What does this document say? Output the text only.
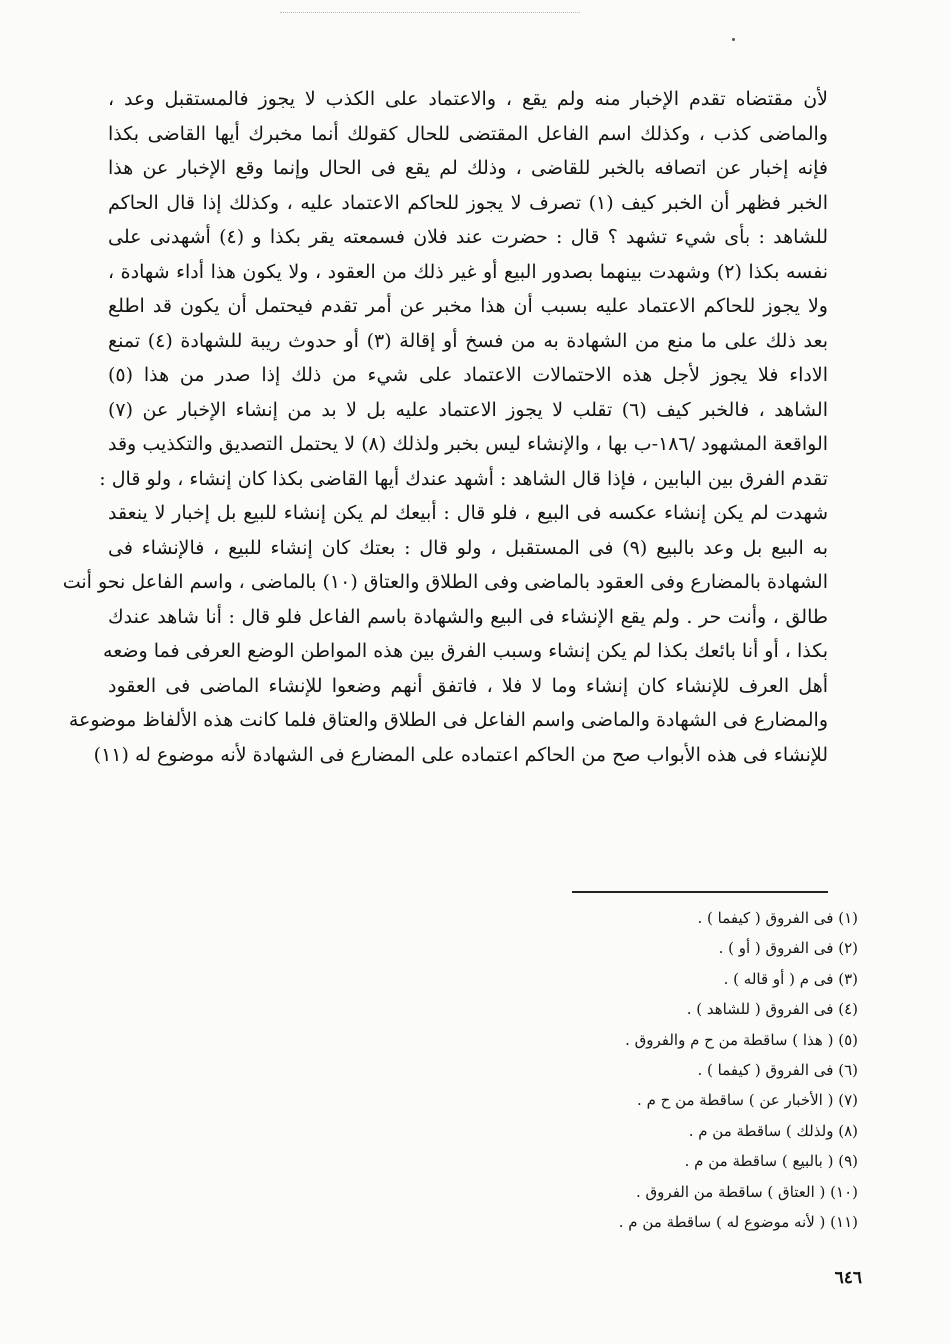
لأن مقتضاه تقدم الإخبار منه ولم يقع ، والاعتماد على الكذب لا يجوز فالمستقبل وعد ،
والماضى كذب ، وكذلك اسم الفاعل المقتضى للحال كقولك أنما مخبرك أيها القاضى بكذا
فإنه إخبار عن اتصافه بالخبر للقاضى ، وذلك لم يقع فى الحال وإنما وقع الإخبار عن هذا
الخبر فظهر أن الخبر كيف (١) تصرف لا يجوز للحاكم الاعتماد عليه ، وكذلك إذا قال الحاكم
للشاهد : بأى شيء تشهد ؟ قال : حضرت عند فلان فسمعته يقر بكذا و (٤) أشهدنى على
نفسه بكذا (٢) وشهدت بينهما بصدور البيع أو غير ذلك من العقود ، ولا يكون هذا أداء شهادة ،
ولا يجوز للحاكم الاعتماد عليه بسبب أن هذا مخبر عن أمر تقدم فيحتمل أن يكون قد اطلع
بعد ذلك على ما منع من الشهادة به من فسخ أو إقالة (٣) أو حدوث ريبة للشهادة (٤) تمنع
الاداء فلا يجوز لأجل هذه الاحتمالات الاعتماد على شيء من ذلك إذا صدر من هذا (٥)
الشاهد ، فالخبر كيف (٦) تقلب لا يجوز الاعتماد عليه بل لا بد من إنشاء الإخبار عن (٧)
الواقعة المشهود /١٨٦-ب بها ، والإنشاء ليس بخبر ولذلك (٨) لا يحتمل التصديق والتكذيب وقد
تقدم الفرق بين البابين ، فإذا قال الشاهد : أشهد عندك أيها القاضى بكذا كان إنشاء ، ولو قال :
شهدت لم يكن إنشاء عكسه فى البيع ، فلو قال : أبيعك لم يكن إنشاء للبيع بل إخبار لا ينعقد
به البيع بل وعد بالبيع (٩) فى المستقبل ، ولو قال : بعتك كان إنشاء للبيع ، فالإنشاء فى
الشهادة بالمضارع وفى العقود بالماضى وفى الطلاق والعتاق (١٠) بالماضى ، واسم الفاعل نحو أنت
طالق ، وأنت حر . ولم يقع الإنشاء فى البيع والشهادة باسم الفاعل فلو قال : أنا شاهد عندك
بكذا ، أو أنا بائعك بكذا لم يكن إنشاء وسبب الفرق بين هذه المواطن الوضع العرفى فما وضعه
أهل العرف للإنشاء كان إنشاء وما لا فلا ، فاتفق أنهم وضعوا للإنشاء الماضى فى العقود
والمضارع فى الشهادة والماضى واسم الفاعل فى الطلاق والعتاق فلما كانت هذه الألفاظ موضوعة
للإنشاء فى هذه الأبواب صح من الحاكم اعتماده على المضارع فى الشهادة لأنه موضوع له (١١)
(١) فى الفروق ( كيفما ) .
(٢) فى الفروق ( أو ) .
(٣) فى م ( أو قاله ) .
(٤) فى الفروق ( للشاهد ) .
(٥) ( هذا ) ساقطة من ح م والفروق .
(٦) فى الفروق ( كيفما ) .
(٧) ( الأخبار عن ) ساقطة من ح م .
(٨) ولذلك ) ساقطة من م .
(٩) ( بالبيع ) ساقطة من م .
(١٠) ( العتاق ) ساقطة من الفروق .
(١١) ( لأنه موضوع له ) ساقطة من م .
٦٤٦
